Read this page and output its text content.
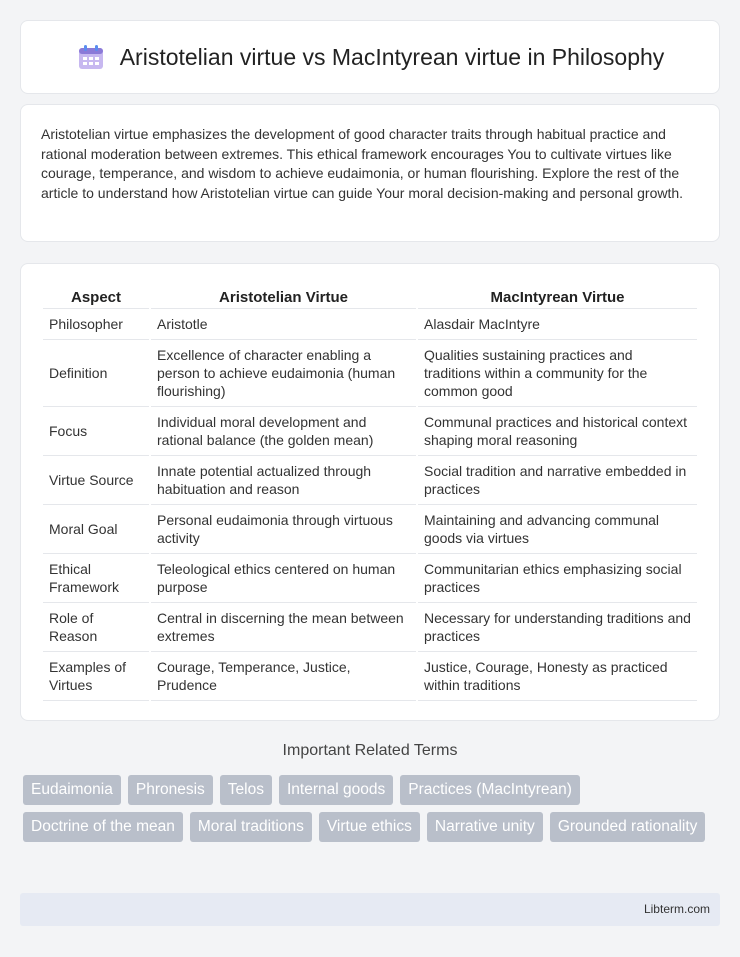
Aristotelian virtue vs MacIntyrean virtue in Philosophy

Aristotelian virtue emphasizes the development of good character traits through habitual practice and rational moderation between extremes. This ethical framework encourages You to cultivate virtues like courage, temperance, and wisdom to achieve eudaimonia, or human flourishing. Explore the rest of the article to understand how Aristotelian virtue can guide Your moral decision-making and personal growth.

Aspect	Aristotelian Virtue	MacIntyrean Virtue
Philosopher	Aristotle	Alasdair MacIntyre
Definition	Excellence of character enabling a person to achieve eudaimonia (human flourishing)	Qualities sustaining practices and traditions within a community for the common good
Focus	Individual moral development and rational balance (the golden mean)	Communal practices and historical context shaping moral reasoning
Virtue Source	Innate potential actualized through habituation and reason	Social tradition and narrative embedded in practices
Moral Goal	Personal eudaimonia through virtuous activity	Maintaining and advancing communal goods via virtues
Ethical Framework	Teleological ethics centered on human purpose	Communitarian ethics emphasizing social practices
Role of Reason	Central in discerning the mean between extremes	Necessary for understanding traditions and practices
Examples of Virtues	Courage, Temperance, Justice, Prudence	Justice, Courage, Honesty as practiced within traditions
Important Related Terms
Eudaimonia	Phronesis	Telos	Internal goods	Practices (MacIntyrean)
Doctrine of the mean	Moral traditions	Virtue ethics	Narrative unity	Grounded rationality
Libterm.com
